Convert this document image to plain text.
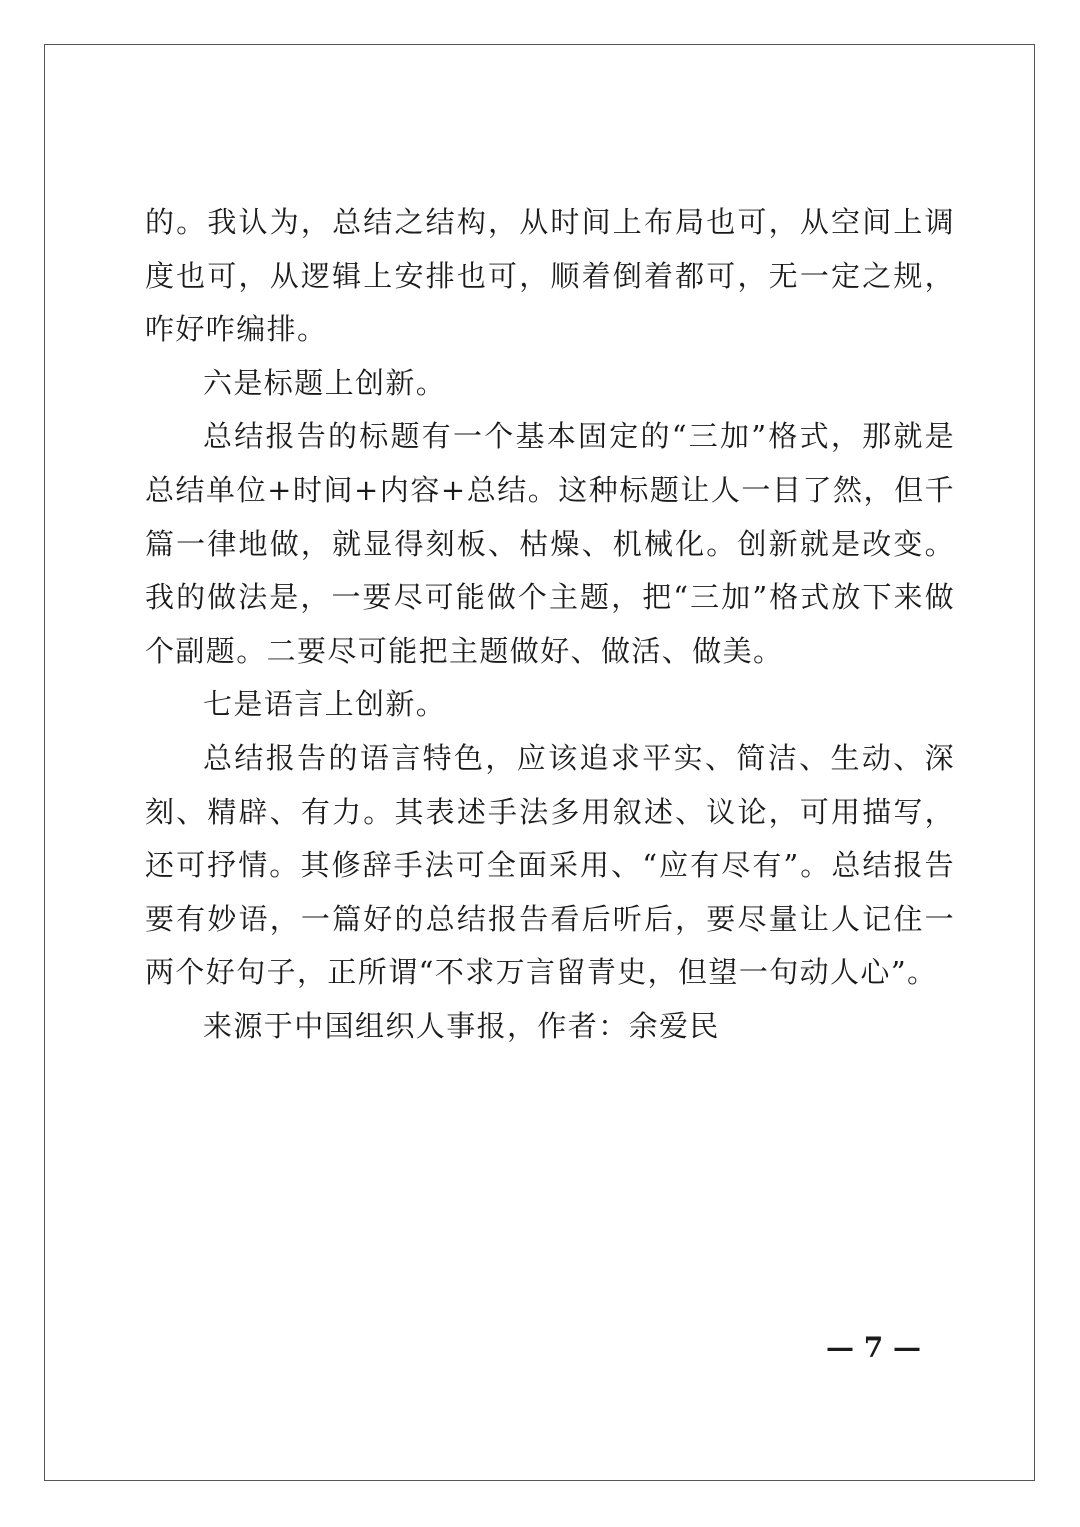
的。我认为，总结之结构，从时间上布局也可，从空间上调度也可，从逻辑上安排也可，顺着倒着都可，无一定之规，咋好咋编排。

六是标题上创新。

总结报告的标题有一个基本固定的“三加”格式，那就是总结单位+时间+内容+总结。这种标题让人一目了然，但千篇一律地做，就显得刻板、枯燥、机械化。创新就是改变。我的做法是，一要尽可能做个主题，把“三加”格式放下来做个副题。二要尽可能把主题做好、做活、做美。

七是语言上创新。

总结报告的语言特色，应该追求平实、简洁、生动、深刻、精辟、有力。其表述手法多用叙述、议论，可用描写，还可抒情。其修辞手法可全面采用、“应有尽有”。总结报告要有妙语，一篇好的总结报告看后听后，要尽量让人记住一两个好句子，正所谓“不求万言留青史，但望一句动人心”。

来源于中国组织人事报，作者：余爱民

— 7 —
